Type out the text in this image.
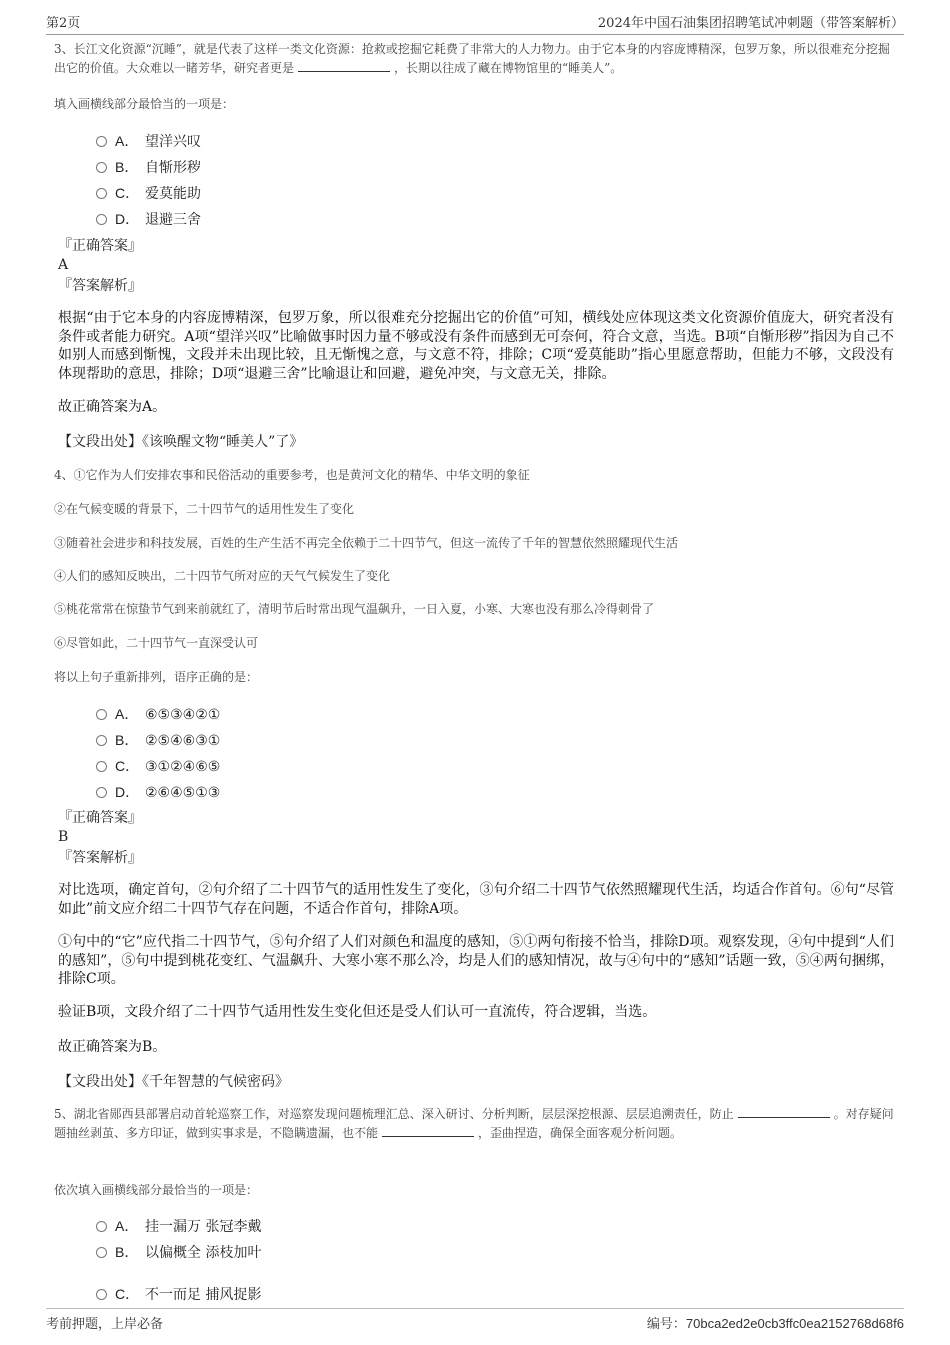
第2页	2024年中国石油集团招聘笔试冲刺题（带答案解析）
3、长江文化资源“沉睡”，就是代表了这样一类文化资源：抢救或挖掘它耗费了非常大的人力物力。由于它本身的内容庞博精深，包罗万象，所以很难充分挖掘出它的价值。大众难以一睹芳华，研究者更是	，长期以往成了藏在博物馆里的“睡美人”。
填入画横线部分最恰当的一项是：
A． 望洋兴叹
B． 自惭形秽
C． 爱莫能助
D． 退避三舍
『正确答案』
A
『答案解析』
根据“由于它本身的内容庞博精深，包罗万象，所以很难充分挖掘出它的价值”可知，横线处应体现这类文化资源价值庞大，研究者没有条件或者能力研究。A项“望洋兴叹”比喻做事时因力量不够或没有条件而感到无可奈何，符合文意，当选。B项“自惭形秽”指因为自己不如别人而感到惭愧，文段并未出现比较，且无惭愧之意，与文意不符，排除；C项“爱莫能助”指心里愿意帮助，但能力不够，文段没有体现帮助的意思，排除；D项“退避三舍”比喻退让和回避，避免冲突，与文意无关，排除。
故正确答案为A。
【文段出处】《该唤醒文物“睡美人”了》
4、①它作为人们安排农事和民俗活动的重要参考，也是黄河文化的精华、中华文明的象征
②在气候变暖的背景下，二十四节气的适用性发生了变化
③随着社会进步和科技发展，百姓的生产生活不再完全依赖于二十四节气，但这一流传了千年的智慧依然照耀现代生活
④人们的感知反映出，二十四节气所对应的天气气候发生了变化
⑤桃花常常在惊蛰节气到来前就红了，清明节后时常出现气温飙升，一日入夏，小寒、大寒也没有那么冷得刺骨了
⑥尽管如此，二十四节气一直深受认可
将以上句子重新排列，语序正确的是：
A． ⑥⑤③④②①
B． ②⑤④⑥③①
C． ③①②④⑥⑤
D． ②⑥④⑤①③
『正确答案』
B
『答案解析』
对比选项，确定首句，②句介绍了二十四节气的适用性发生了变化，③句介绍二十四节气依然照耀现代生活，均适合作首句。⑥句“尽管如此”前文应介绍二十四节气存在问题，不适合作首句，排除A项。
①句中的“它”应代指二十四节气，⑤句介绍了人们对颜色和温度的感知，⑤①两句衔接不恰当，排除D项。观察发现，④句中提到“人们的感知”，⑤句中提到桃花变红、气温飙升、大寒小寒不那么冷，均是人们的感知情况，故与④句中的“感知”话题一致，⑤④两句捆绑，排除C项。
验证B项，文段介绍了二十四节气适用性发生变化但还是受人们认可一直流传，符合逻辑，当选。
故正确答案为B。
【文段出处】《千年智慧的气候密码》
5、湖北省郧西县部署启动首轮巡察工作，对巡察发现问题梳理汇总、深入研讨、分析判断，层层深挖根源、层层追溯责任，防止	。对存疑问题抽丝剥茧、多方印证，做到实事求是，不隐瞒遗漏，也不能	，歪曲捏造，确保全面客观分析问题。
依次填入画横线部分最恰当的一项是：
A． 挂一漏万 张冠李戴
B． 以偏概全 添枝加叶
C． 不一而足 捕风捉影
考前押题，上岸必备	编号：70bca2ed2e0cb3ffc0ea2152768d68f6
